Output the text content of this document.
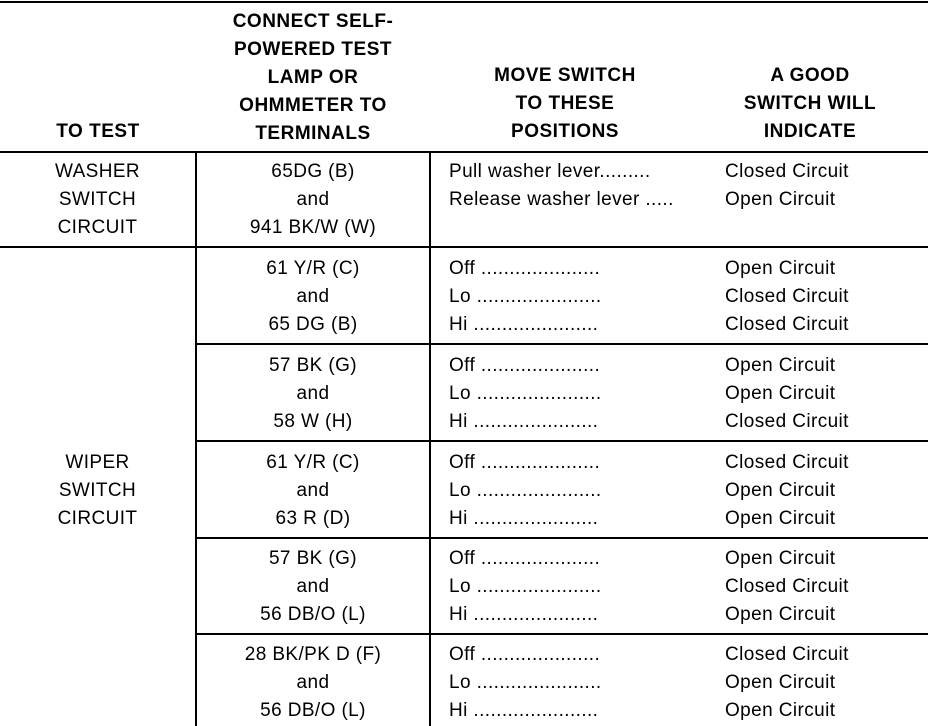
TO TEST
CONNECT SELF-
POWERED TEST
LAMP OR
OHMMETER TO
TERMINALS
MOVE SWITCH
TO THESE
POSITIONS
A GOOD
SWITCH WILL
INDICATE
WASHER
SWITCH
CIRCUIT
65DG (B)
and
941 BK/W (W)
Pull washer lever.........
Release washer lever .....
Closed Circuit
Open Circuit
WIPER
SWITCH
CIRCUIT
61 Y/R (C)
and
65 DG (B)
Off .....................
Lo ......................
Hi ......................
Open Circuit
Closed Circuit
Closed Circuit
57 BK (G)
and
58 W (H)
Off .....................
Lo ......................
Hi ......................
Open Circuit
Open Circuit
Closed Circuit
61 Y/R (C)
and
63 R (D)
Off .....................
Lo ......................
Hi ......................
Closed Circuit
Open Circuit
Open Circuit
57 BK (G)
and
56 DB/O (L)
Off .....................
Lo ......................
Hi ......................
Open Circuit
Closed Circuit
Open Circuit
28 BK/PK D (F)
and
56 DB/O (L)
Off .....................
Lo ......................
Hi ......................
Closed Circuit
Open Circuit
Open Circuit
